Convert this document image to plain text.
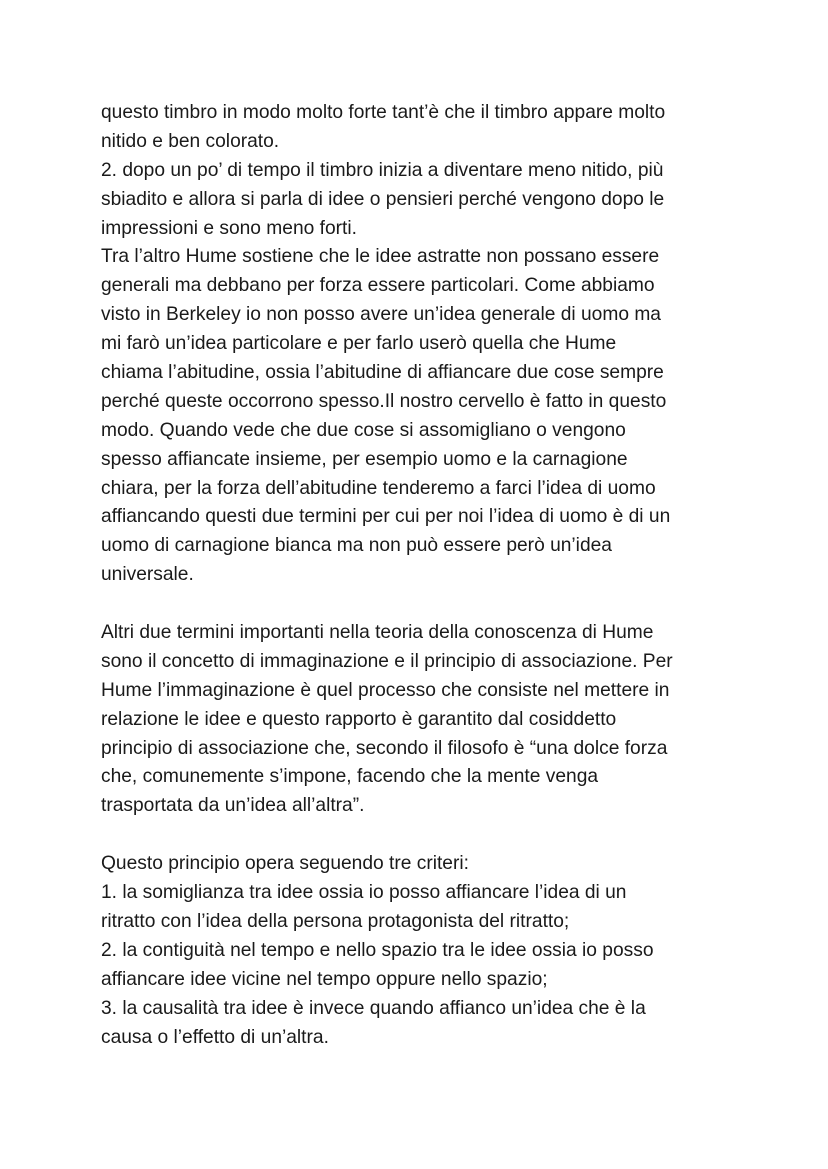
questo timbro in modo molto forte tant’è che il timbro appare molto
nitido e ben colorato.
2. dopo un po’ di tempo il timbro inizia a diventare meno nitido, più
sbiadito e allora si parla di idee o pensieri perché vengono dopo le
impressioni e sono meno forti.
Tra l’altro Hume sostiene che le idee astratte non possano essere
generali ma debbano per forza essere particolari. Come abbiamo
visto in Berkeley io non posso avere un’idea generale di uomo ma
mi farò un’idea particolare e per farlo userò quella che Hume
chiama l’abitudine, ossia l’abitudine di affiancare due cose sempre
perché queste occorrono spesso.Il nostro cervello è fatto in questo
modo. Quando vede che due cose si assomigliano o vengono
spesso affiancate insieme, per esempio uomo e la carnagione
chiara, per la forza dell’abitudine tenderemo a farci l’idea di uomo
affiancando questi due termini per cui per noi l’idea di uomo è di un
uomo di carnagione bianca ma non può essere però un’idea
universale.
Altri due termini importanti nella teoria della conoscenza di Hume
sono il concetto di immaginazione e il principio di associazione. Per
Hume l’immaginazione è quel processo che consiste nel mettere in
relazione le idee e questo rapporto è garantito dal cosiddetto
principio di associazione che, secondo il filosofo è “una dolce forza
che, comunemente s’impone, facendo che la mente venga
trasportata da un’idea all’altra”.
Questo principio opera seguendo tre criteri:
1. la somiglianza tra idee ossia io posso affiancare l’idea di un
ritratto con l’idea della persona protagonista del ritratto;
2. la contiguità nel tempo e nello spazio tra le idee ossia io posso
affiancare idee vicine nel tempo oppure nello spazio;
3. la causalità tra idee è invece quando affianco un’idea che è la
causa o l’effetto di un’altra.
